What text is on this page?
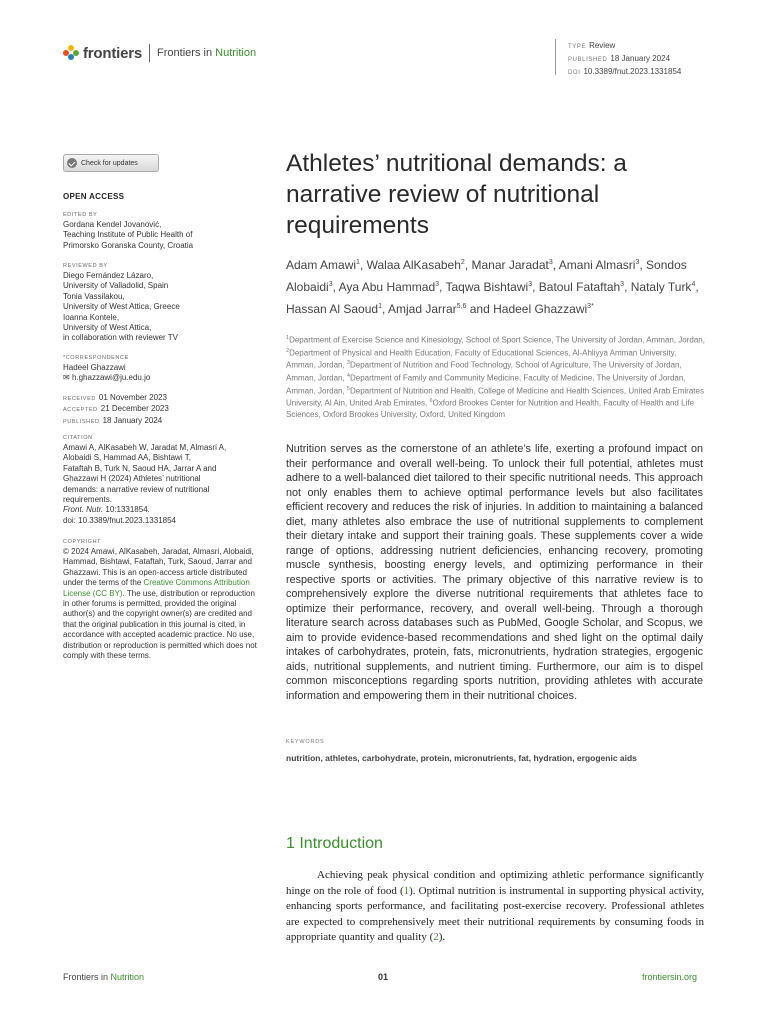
frontiers Frontiers in Nutrition	TYPE Review
PUBLISHED 18 January 2024
DOI 10.3389/fnut.2023.1331854
Check for updates
OPEN ACCESS
EDITED BY
Gordana Kendel Jovanović,
Teaching Institute of Public Health of
Primorsko Goranska County, Croatia
REVIEWED BY
Diego Fernández Lázaro,
University of Valladolid, Spain
Tonia Vassilakou,
University of West Attica, Greece
Ioanna Kontele,
University of West Attica,
in collaboration with reviewer TV
*CORRESPONDENCE
Hadeel Ghazzawi
✉ h.ghazzawi@ju.edu.jo
RECEIVED 01 November 2023
ACCEPTED 21 December 2023
PUBLISHED 18 January 2024
CITATION
Amawi A, AlKasabeh W, Jaradat M, Almasri A,
Alobaidi S, Hammad AA, Bishtawi T,
Fataftah B, Turk N, Saoud HA, Jarrar A and
Ghazzawi H (2024) Athletes’ nutritional
demands: a narrative review of nutritional
requirements.
Front. Nutr. 10:1331854.
doi: 10.3389/fnut.2023.1331854
COPYRIGHT
© 2024 Amawi, AlKasabeh, Jaradat, Almasri, Alobaidi, Hammad, Bishtawi, Fataftah, Turk, Saoud, Jarrar and Ghazzawi. This is an open-access article distributed under the terms of the Creative Commons Attribution License (CC BY). The use, distribution or reproduction in other forums is permitted, provided the original author(s) and the copyright owner(s) are credited and that the original publication in this journal is cited, in accordance with accepted academic practice. No use, distribution or reproduction is permitted which does not comply with these terms.
Athletes’ nutritional demands: a narrative review of nutritional requirements
Adam Amawi$^1$, Walaa AlKasabeh$^2$, Manar Jaradat$^3$, Amani Almasri$^3$, Sondos Alobaidi$^3$, Aya Abu Hammad$^3$, Taqwa Bishtawi$^3$, Batoul Fataftah$^3$, Nataly Turk$^4$, Hassan Al Saoud$^1$, Amjad Jarrar$^{5,6}$ and Hadeel Ghazzawi$^{3*}$
$^1$Department of Exercise Science and Kinesiology, School of Sport Science, The University of Jordan, Amman, Jordan, $^2$Department of Physical and Health Education, Faculty of Educational Sciences, Al-Ahliyya Amman University, Amman, Jordan, $^3$Department of Nutrition and Food Technology, School of Agriculture, The University of Jordan, Amman, Jordan, $^4$Department of Family and Community Medicine, Faculty of Medicine, The University of Jordan, Amman, Jordan, $^5$Department of Nutrition and Health, College of Medicine and Health Sciences, United Arab Emirates University, Al Ain, United Arab Emirates, $^6$Oxford Brookes Center for Nutrition and Health, Faculty of Health and Life Sciences, Oxford Brookes University, Oxford, United Kingdom
Nutrition serves as the cornerstone of an athlete’s life, exerting a profound impact on their performance and overall well-being. To unlock their full potential, athletes must adhere to a well-balanced diet tailored to their specific nutritional needs. This approach not only enables them to achieve optimal performance levels but also facilitates efficient recovery and reduces the risk of injuries. In addition to maintaining a balanced diet, many athletes also embrace the use of nutritional supplements to complement their dietary intake and support their training goals. These supplements cover a wide range of options, addressing nutrient deficiencies, enhancing recovery, promoting muscle synthesis, boosting energy levels, and optimizing performance in their respective sports or activities. The primary objective of this narrative review is to comprehensively explore the diverse nutritional requirements that athletes face to optimize their performance, recovery, and overall well-being. Through a thorough literature search across databases such as PubMed, Google Scholar, and Scopus, we aim to provide evidence-based recommendations and shed light on the optimal daily intakes of carbohydrates, protein, fats, micronutrients, hydration strategies, ergogenic aids, nutritional supplements, and nutrient timing. Furthermore, our aim is to dispel common misconceptions regarding sports nutrition, providing athletes with accurate information and empowering them in their nutritional choices.
KEYWORDS
nutrition, athletes, carbohydrate, protein, micronutrients, fat, hydration, ergogenic aids
1 Introduction
Achieving peak physical condition and optimizing athletic performance significantly hinge on the role of food (1). Optimal nutrition is instrumental in supporting physical activity, enhancing sports performance, and facilitating post-exercise recovery. Professional athletes are expected to comprehensively meet their nutritional requirements by consuming foods in appropriate quantity and quality (2).
Frontiers in Nutrition	01	frontiersin.org
